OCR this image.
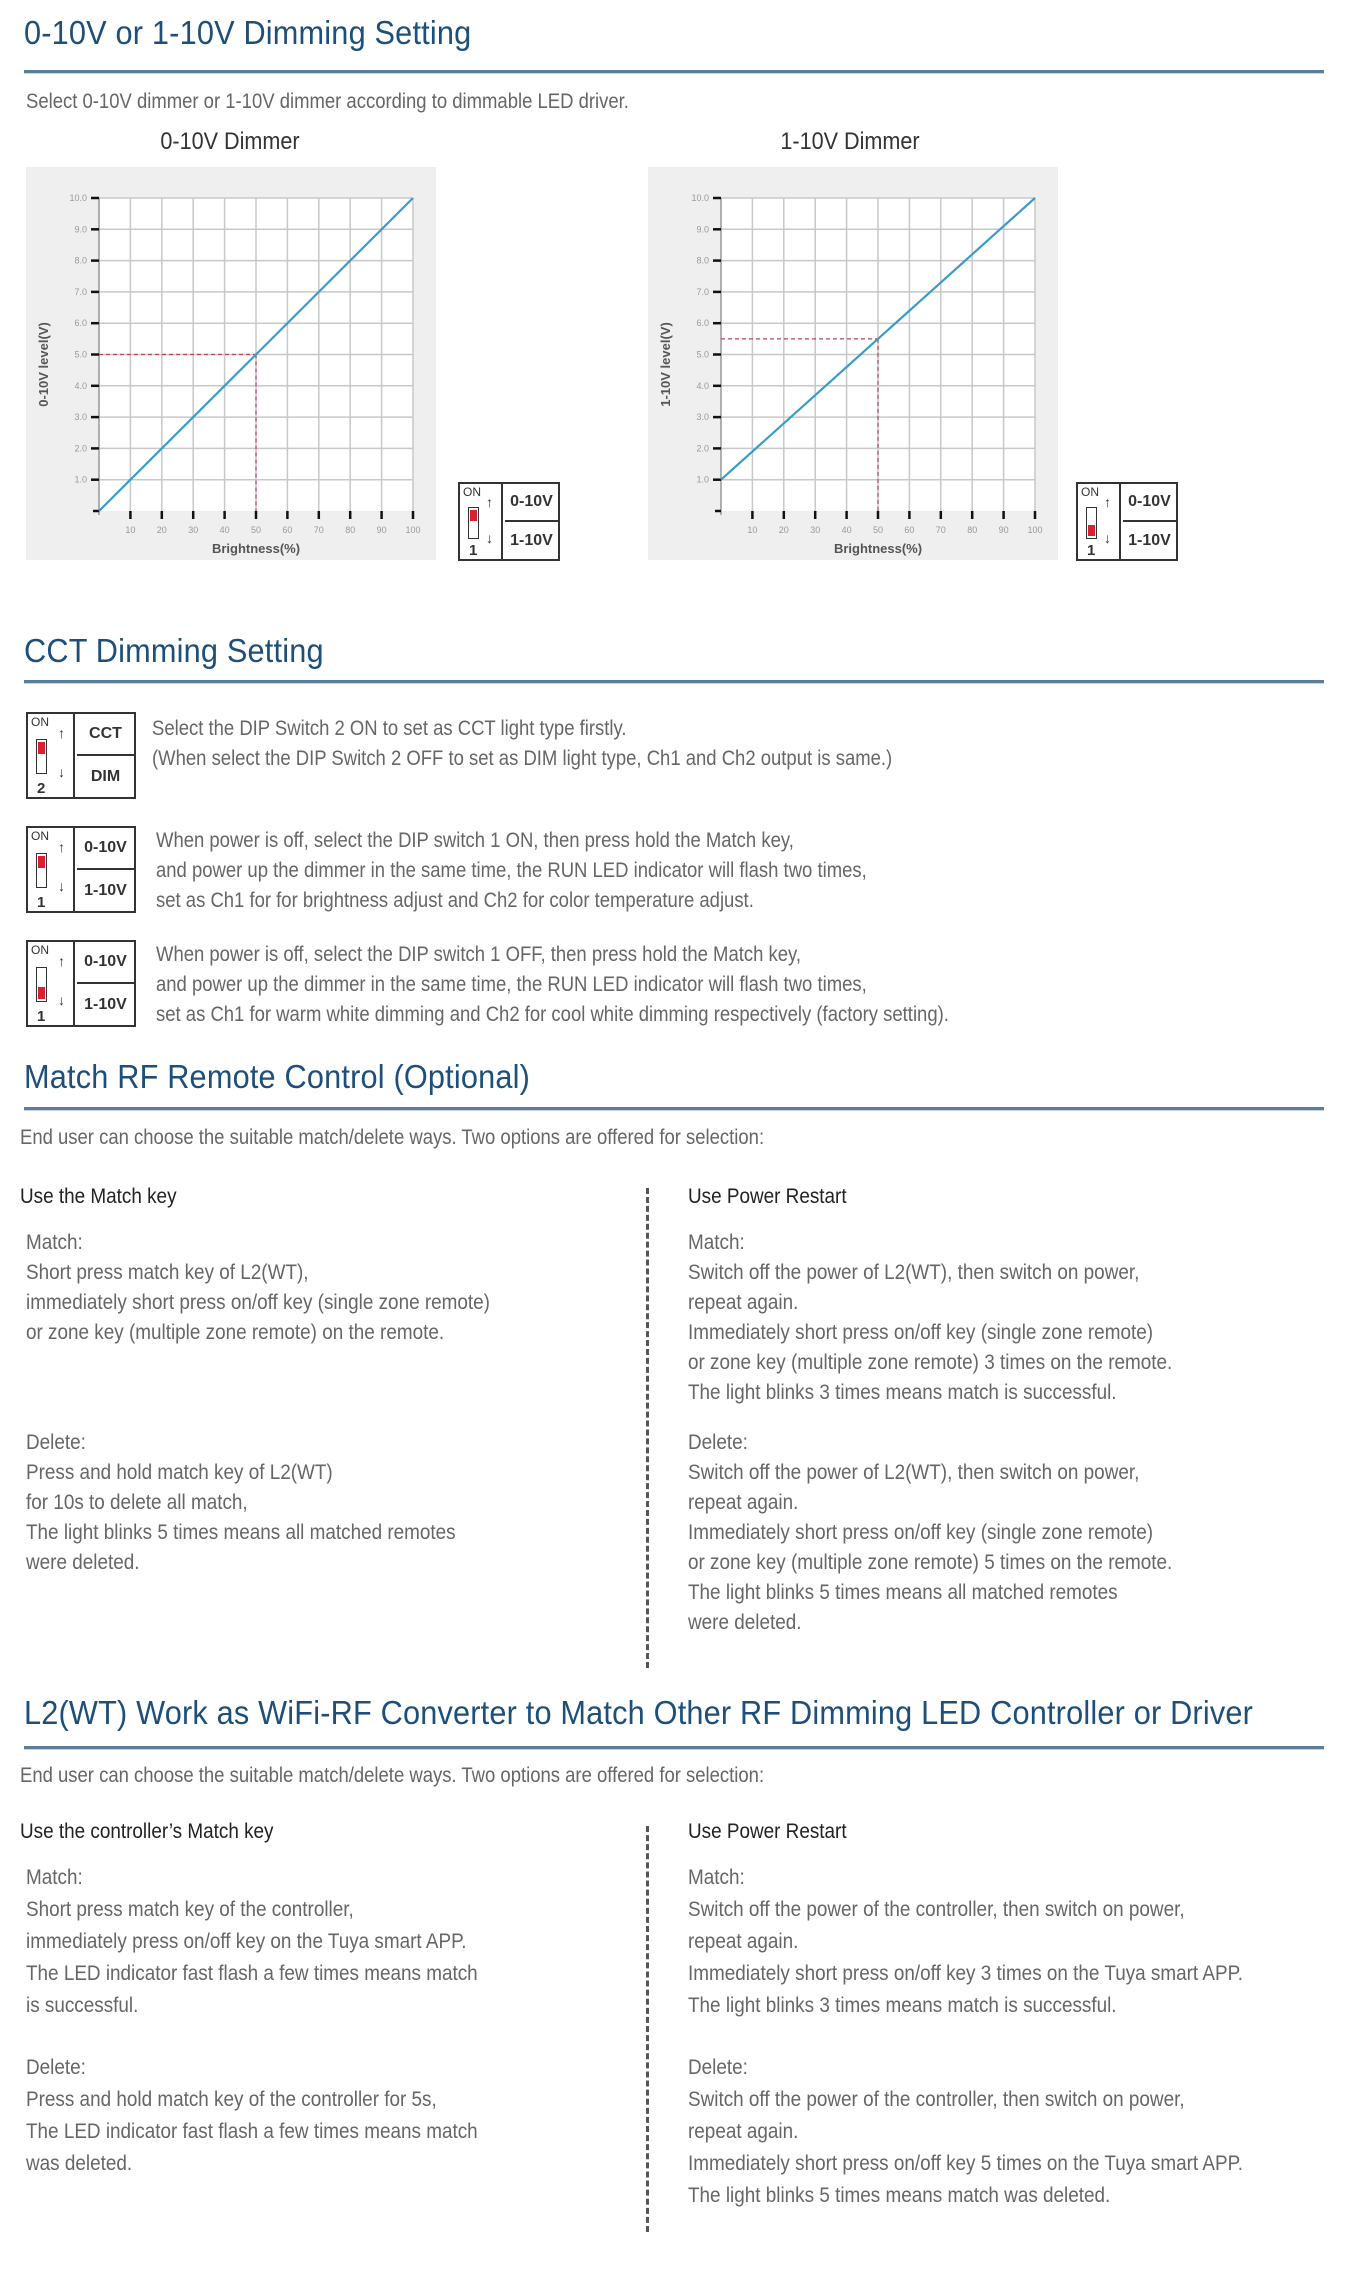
0-10V or 1-10V Dimming Setting
Select 0-10V dimmer or 1-10V dimmer according to dimmable LED driver.
0-10V Dimmer	1-10V Dimmer
1.0
2.0
3.0
4.0
5.0
6.0
7.0
8.0
9.0
10.0
10 20 30 40 50 60 70 80 90 100
Brightness(%)
0-10V level(V)
1.0
2.0
3.0
4.0
5.0
6.0
7.0
8.0
9.0
10.0
10 20 30 40 50 60 70 80 90 100
Brightness(%)
1-10V level(V)
ON
1
↑
↓
0-10V
1-10V
ON
1
↑
↓
0-10V
1-10V
CCT Dimming Setting
ON
2
↑
↓
CCT
DIM
Select the DIP Switch 2 ON to set as CCT light type firstly.
(When select the DIP Switch 2 OFF to set as DIM light type, Ch1 and Ch2 output is same.)
ON
1
↑
↓
0-10V
1-10V
When power is off, select the DIP switch 1 ON, then press hold the Match key,
and power up the dimmer in the same time, the RUN LED indicator will flash two times,
set as Ch1 for for brightness adjust and Ch2 for color temperature adjust.
ON
1
↑
↓
0-10V
1-10V
When power is off, select the DIP switch 1 OFF, then press hold the Match key,
and power up the dimmer in the same time, the RUN LED indicator will flash two times,
set as Ch1 for warm white dimming and Ch2 for cool white dimming respectively (factory setting).
Match RF Remote Control (Optional)
End user can choose the suitable match/delete ways. Two options are offered for selection:
Use the Match key	Use Power Restart
Match:
Short press match key of L2(WT),
immediately short press on/off key (single zone remote)
or zone key (multiple zone remote) on the remote.
Delete:
Press and hold match key of L2(WT)
for 10s to delete all match,
The light blinks 5 times means all matched remotes
were deleted.
Match:
Switch off the power of L2(WT), then switch on power,
repeat again.
Immediately short press on/off key (single zone remote)
or zone key (multiple zone remote) 3 times on the remote.
The light blinks 3 times means match is successful.
Delete:
Switch off the power of L2(WT), then switch on power,
repeat again.
Immediately short press on/off key (single zone remote)
or zone key (multiple zone remote) 5 times on the remote.
The light blinks 5 times means all matched remotes
were deleted.
L2(WT) Work as WiFi-RF Converter to Match Other RF Dimming LED Controller or Driver
End user can choose the suitable match/delete ways. Two options are offered for selection:
Use the controller’s Match key	Use Power Restart
Match:
Short press match key of the controller,
immediately press on/off key on the Tuya smart APP.
The LED indicator fast flash a few times means match
is successful.
Delete:
Press and hold match key of the controller for 5s,
The LED indicator fast flash a few times means match
was deleted.
Match:
Switch off the power of the controller, then switch on power,
repeat again.
Immediately short press on/off key 3 times on the Tuya smart APP.
The light blinks 3 times means match is successful.
Delete:
Switch off the power of the controller, then switch on power,
repeat again.
Immediately short press on/off key 5 times on the Tuya smart APP.
The light blinks 5 times means match was deleted.
